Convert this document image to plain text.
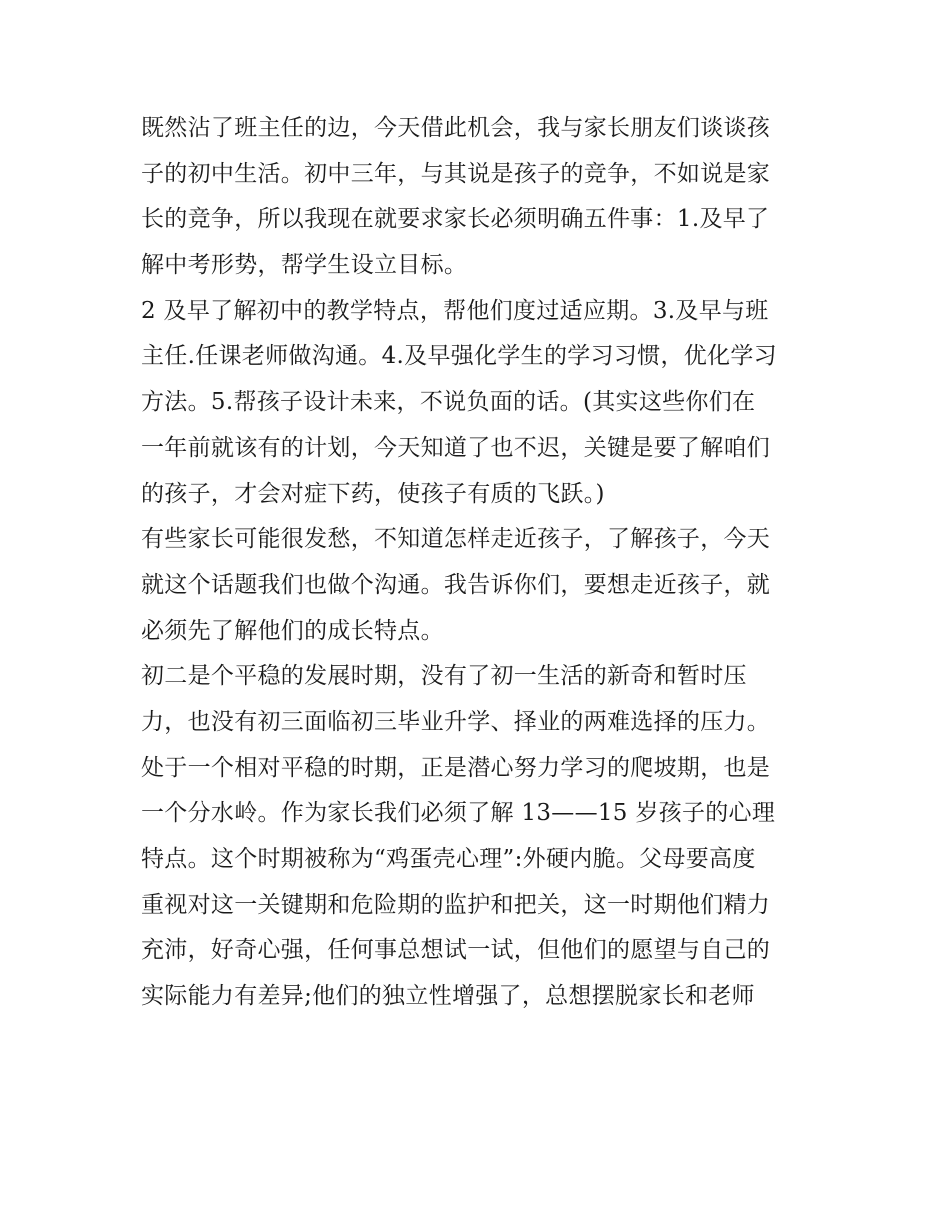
既然沾了班主任的边，今天借此机会，我与家长朋友们谈谈孩
子的初中生活。初中三年，与其说是孩子的竞争，不如说是家
长的竞争，所以我现在就要求家长必须明确五件事：1.及早了
解中考形势，帮学生设立目标。
2 及早了解初中的教学特点，帮他们度过适应期。3.及早与班
主任.任课老师做沟通。4.及早强化学生的学习习惯，优化学习
方法。5.帮孩子设计未来，不说负面的话。(其实这些你们在
一年前就该有的计划，今天知道了也不迟，关键是要了解咱们
的孩子，才会对症下药，使孩子有质的飞跃。)
有些家长可能很发愁，不知道怎样走近孩子，了解孩子，今天
就这个话题我们也做个沟通。我告诉你们，要想走近孩子，就
必须先了解他们的成长特点。
初二是个平稳的发展时期，没有了初一生活的新奇和暂时压
力，也没有初三面临初三毕业升学、择业的两难选择的压力。
处于一个相对平稳的时期，正是潜心努力学习的爬坡期，也是
一个分水岭。作为家长我们必须了解 13——15 岁孩子的心理
特点。这个时期被称为“鸡蛋壳心理”:外硬内脆。父母要高度
重视对这一关键期和危险期的监护和把关，这一时期他们精力
充沛，好奇心强，任何事总想试一试，但他们的愿望与自己的
实际能力有差异;他们的独立性增强了，总想摆脱家长和老师
